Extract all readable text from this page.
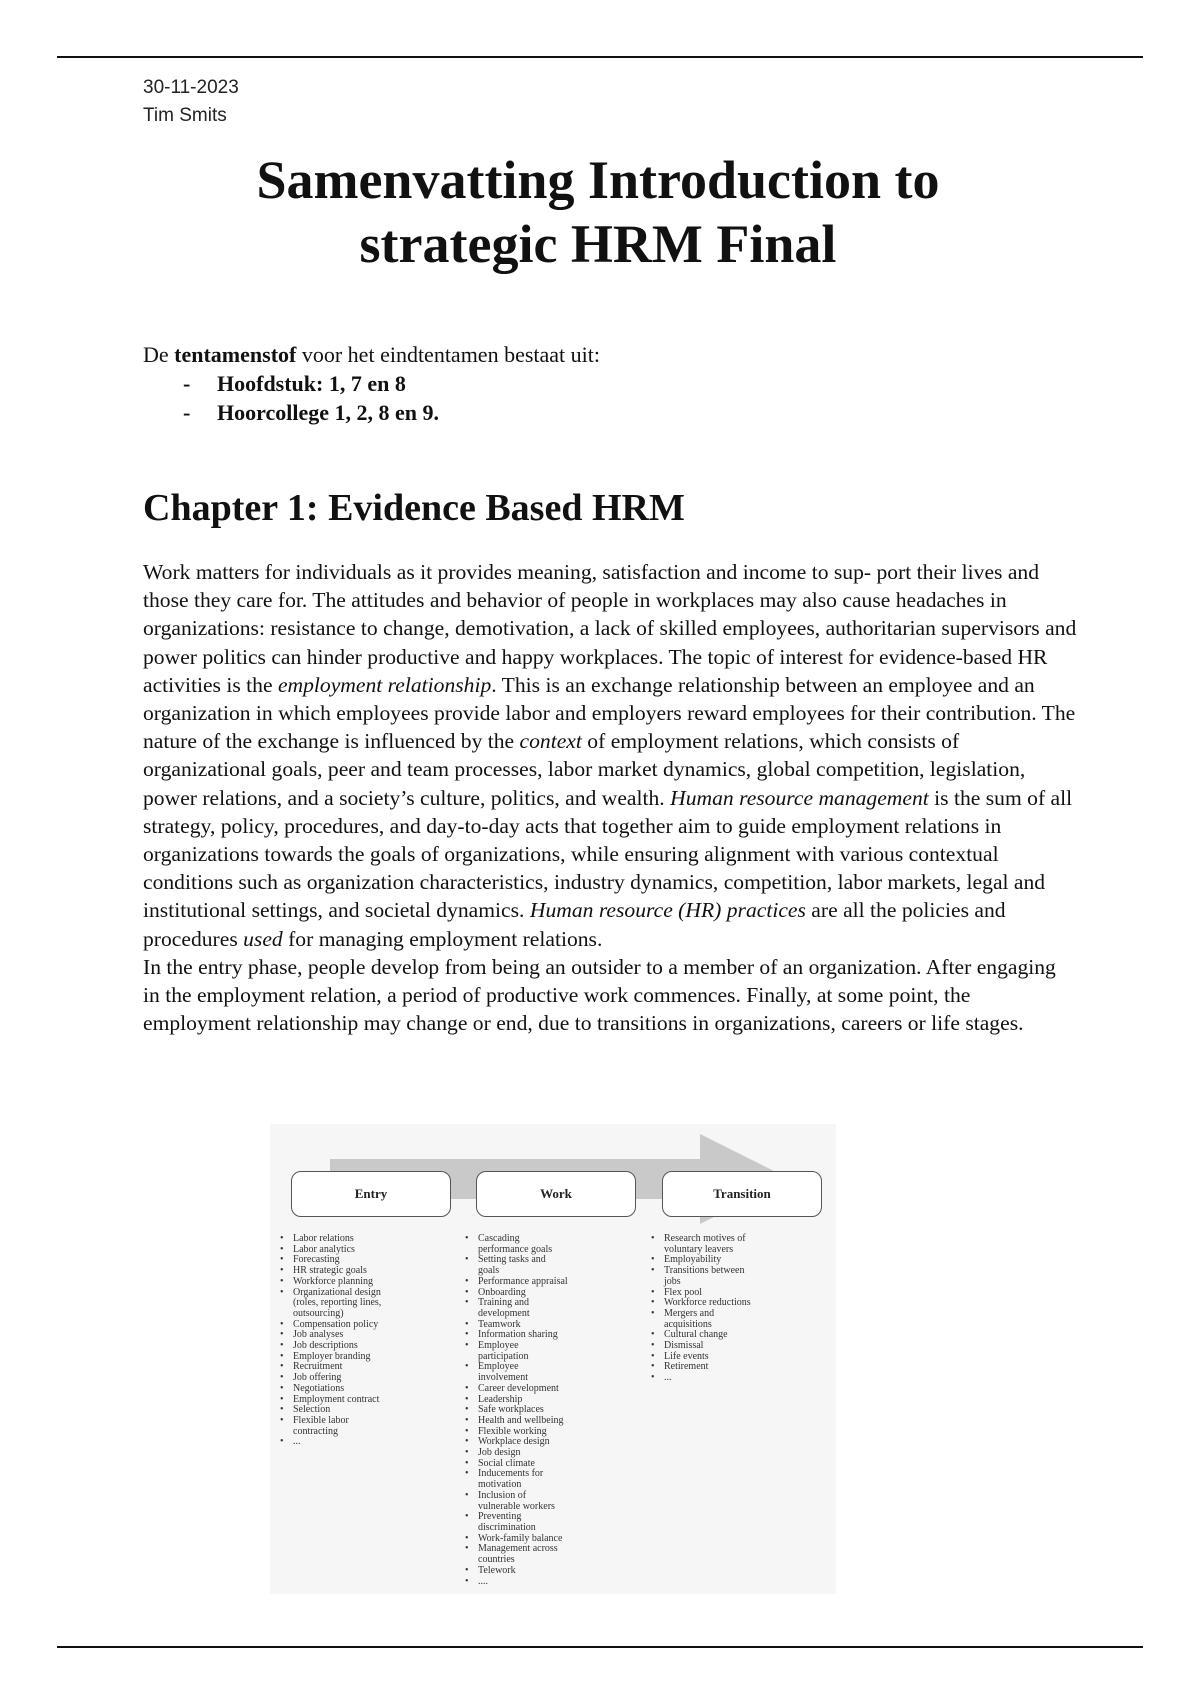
30-11-2023
Tim Smits
Samenvatting Introduction to
strategic HRM Final
De tentamenstof voor het eindtentamen bestaat uit:
-	Hoofdstuk: 1, 7 en 8
-	Hoorcollege 1, 2, 8 en 9.
Chapter 1: Evidence Based HRM

Work matters for individuals as it provides meaning, satisfaction and income to sup- port their lives and those they care for. The attitudes and behavior of people in workplaces may also cause headaches in organizations: resistance to change, demotivation, a lack of skilled employees, authoritarian supervisors and power politics can hinder productive and happy workplaces. The topic of interest for evidence-based HR activities is the employment relationship. This is an exchange relationship between an employee and an organization in which employees provide labor and employers reward employees for their contribution. The nature of the exchange is influenced by the context of employment relations, which consists of organizational goals, peer and team processes, labor market dynamics, global competition, legislation, power relations, and a society’s culture, politics, and wealth. Human resource management is the sum of all strategy, policy, procedures, and day-to-day acts that together aim to guide employment relations in organizations towards the goals of organizations, while ensuring alignment with various contextual conditions such as organization characteristics, industry dynamics, competition, labor markets, legal and institutional settings, and societal dynamics. Human resource (HR) practices are all the policies and procedures used for managing employment relations.

In the entry phase, people develop from being an outsider to a member of an organization. After engaging in the employment relation, a period of productive work commences. Finally, at some point, the employment relationship may change or end, due to transitions in organizations, careers or life stages.

Entry	Work	Transition
• Labor relations
• Labor analytics
• Forecasting
• HR strategic goals
• Workforce planning
• Organizational design
(roles, reporting lines,
outsourcing)
• Compensation policy
• Job analyses
• Job descriptions
• Employer branding
• Recruitment
• Job offering
• Negotiations
• Employment contract
• Selection
• Flexible labor
contracting
• ...
• Cascading
performance goals
• Setting tasks and
goals
• Performance appraisal
• Onboarding
• Training and
development
• Teamwork
• Information sharing
• Employee
participation
• Employee
involvement
• Career development
• Leadership
• Safe workplaces
• Health and wellbeing
• Flexible working
• Workplace design
• Job design
• Social climate
• Inducements for
motivation
• Inclusion of
vulnerable workers
• Preventing
discrimination
• Work-family balance
• Management across
countries
• Telework
• ....
• Research motives of
voluntary leavers
• Employability
• Transitions between
jobs
• Flex pool
• Workforce reductions
• Mergers and
acquisitions
• Cultural change
• Dismissal
• Life events
• Retirement
• ...
